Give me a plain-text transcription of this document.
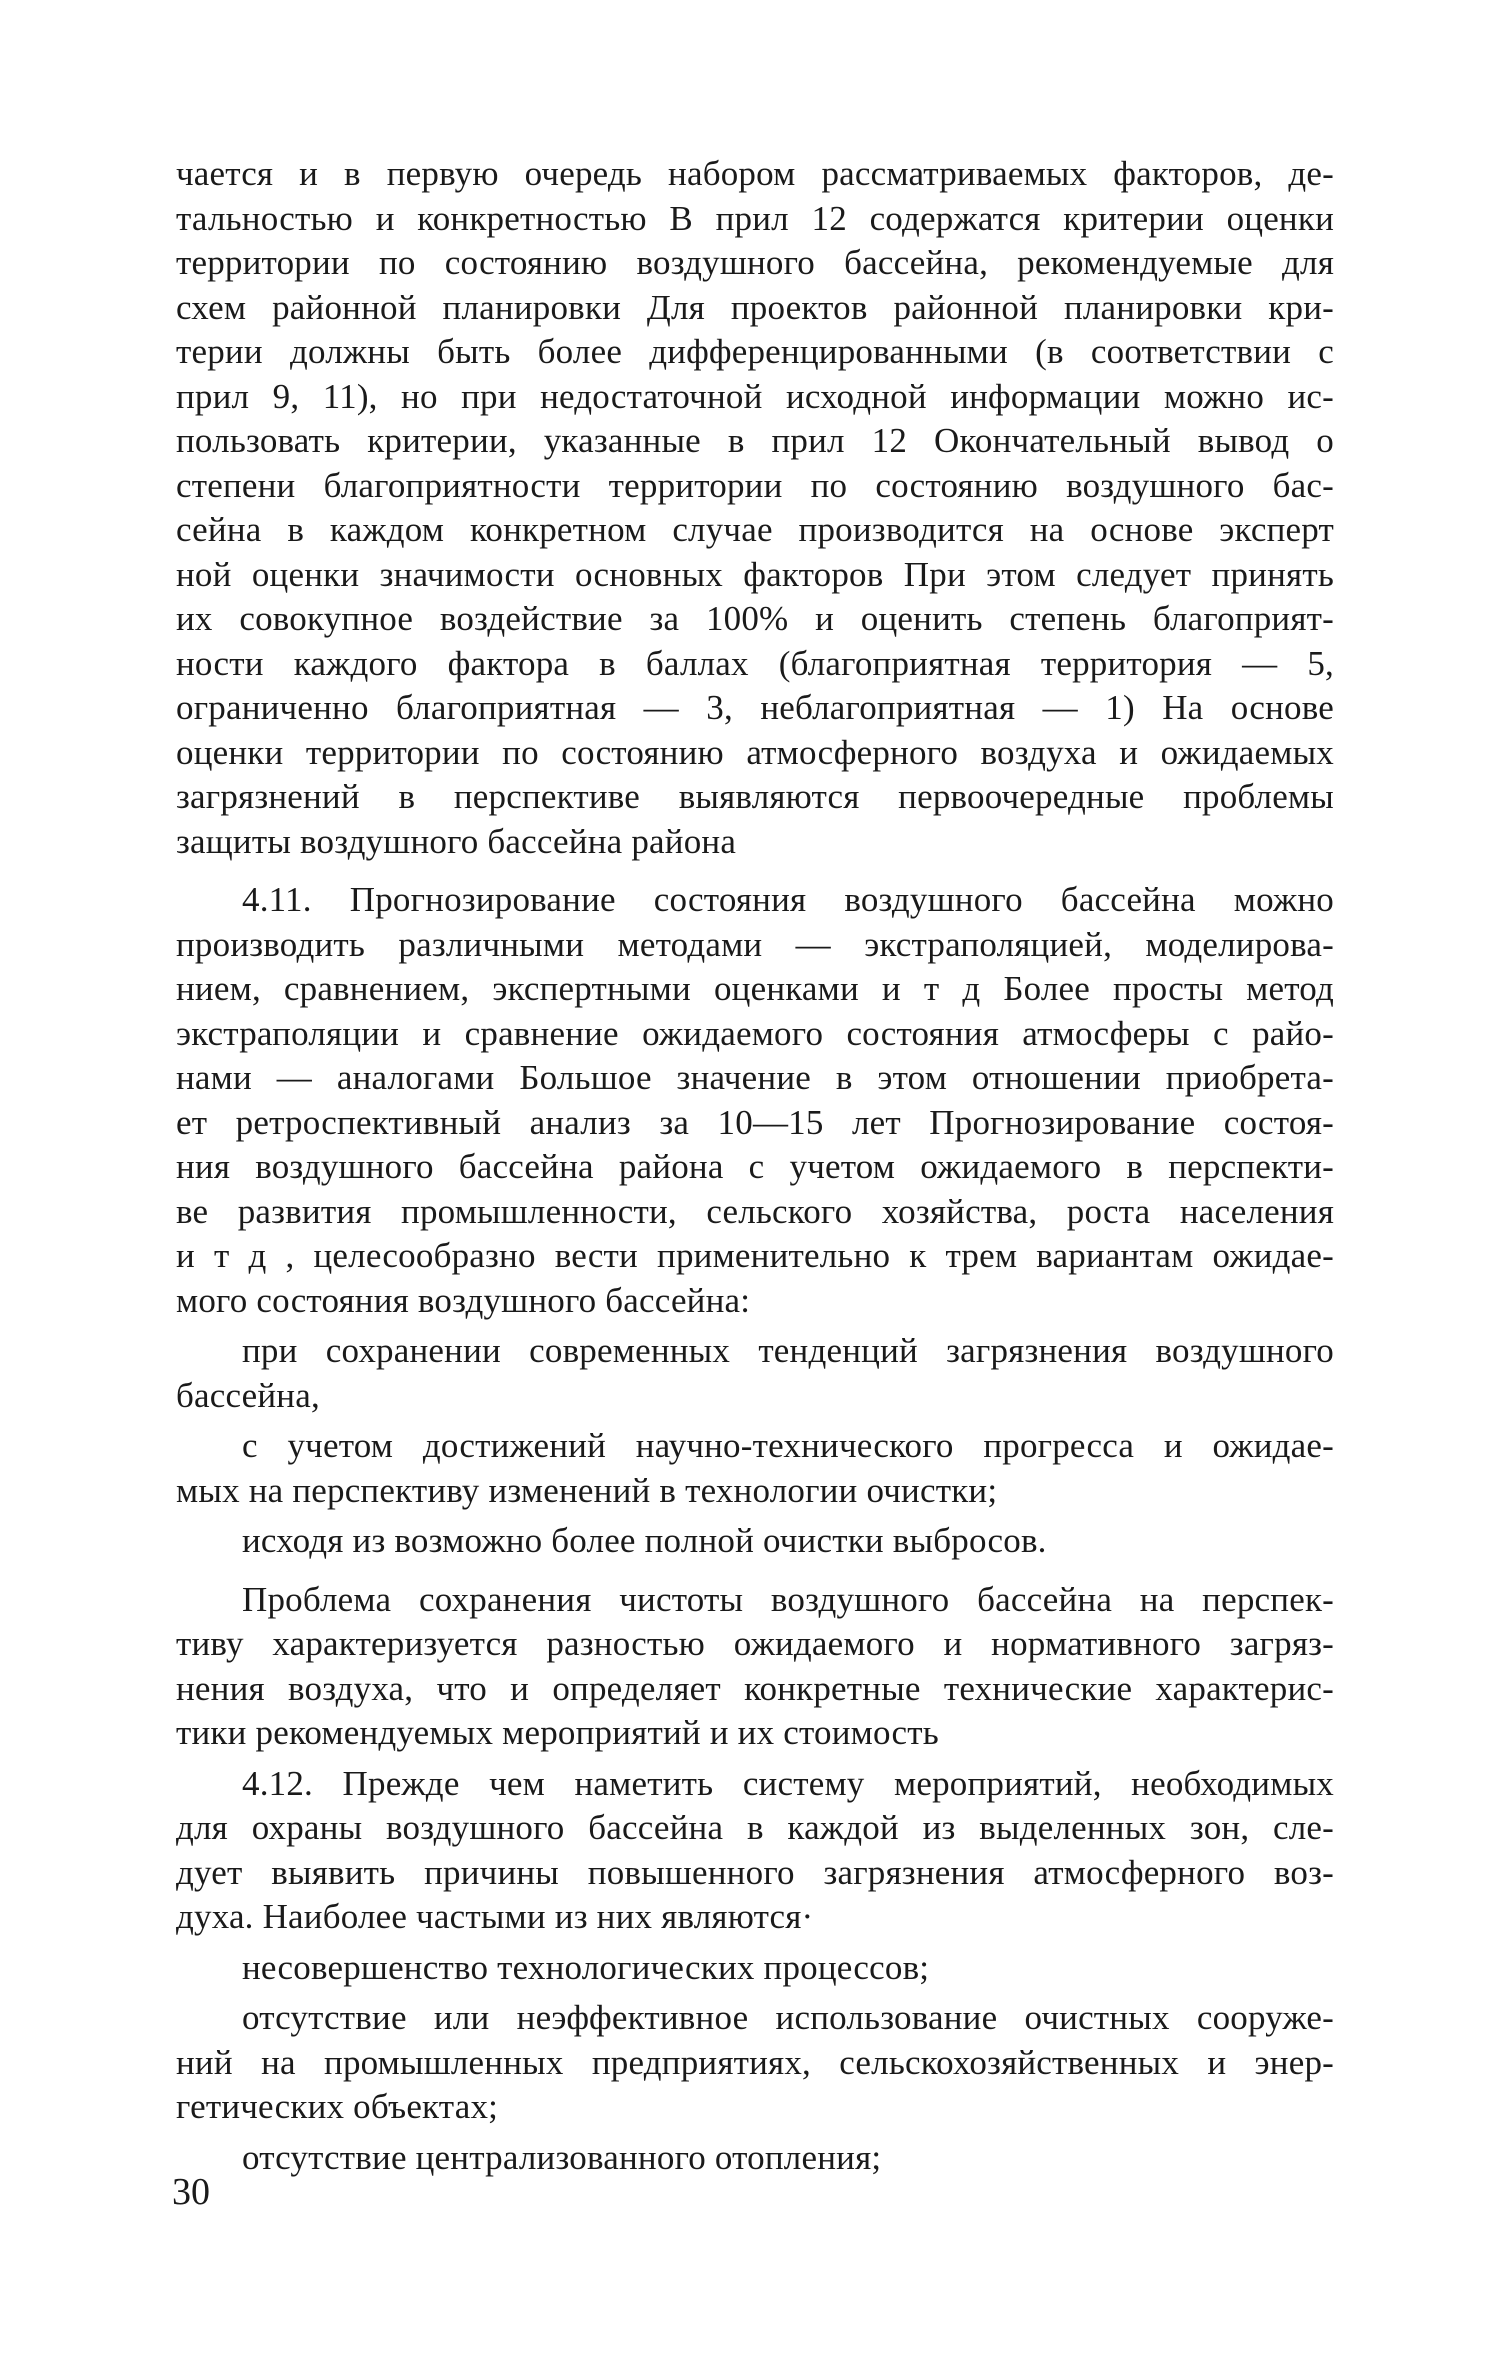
чается и в первую очередь набором рассматриваемых факторов, де-
тальностью и конкретностью В прил 12 содержатся критерии оценки
территории по состоянию воздушного бассейна, рекомендуемые для
схем районной планировки Для проектов районной планировки кри-
терии должны быть более дифференцированными (в соответствии с
прил 9, 11), но при недостаточной исходной информации можно ис-
пользовать критерии, указанные в прил 12 Окончательный вывод о
степени благоприятности территории по состоянию воздушного бас-
сейна в каждом конкретном случае производится на основе эксперт
ной оценки значимости основных факторов При этом следует принять
их совокупное воздействие за 100% и оценить степень благоприят-
ности каждого фактора в баллах (благоприятная территория — 5,
ограниченно благоприятная — 3, неблагоприятная — 1) На основе
оценки территории по состоянию атмосферного воздуха и ожидаемых
загрязнений в перспективе выявляются первоочередные проблемы
защиты воздушного бассейна района
4.11. Прогнозирование состояния воздушного бассейна можно
производить различными методами — экстраполяцией, моделирова-
нием, сравнением, экспертными оценками и т д Более просты метод
экстраполяции и сравнение ожидаемого состояния атмосферы с райо-
нами — аналогами Большое значение в этом отношении приобрета-
ет ретроспективный анализ за 10—15 лет Прогнозирование состоя-
ния воздушного бассейна района с учетом ожидаемого в перспекти-
ве развития промышленности, сельского хозяйства, роста населения
и т д , целесообразно вести применительно к трем вариантам ожидае-
мого состояния воздушного бассейна:
при сохранении современных тенденций загрязнения воздушного
бассейна,
с учетом достижений научно-технического прогресса и ожидае-
мых на перспективу изменений в технологии очистки;
исходя из возможно более полной очистки выбросов.
Проблема сохранения чистоты воздушного бассейна на перспек-
тиву характеризуется разностью ожидаемого и нормативного загряз-
нения воздуха, что и определяет конкретные технические характерис-
тики рекомендуемых мероприятий и их стоимость
4.12. Прежде чем наметить систему мероприятий, необходимых
для охраны воздушного бассейна в каждой из выделенных зон, сле-
дует выявить причины повышенного загрязнения атмосферного воз-
духа. Наиболее частыми из них являются·
несовершенство технологических процессов;
отсутствие или неэффективное использование очистных сооруже-
ний на промышленных предприятиях, сельскохозяйственных и энер-
гетических объектах;
отсутствие централизованного отопления;
30
